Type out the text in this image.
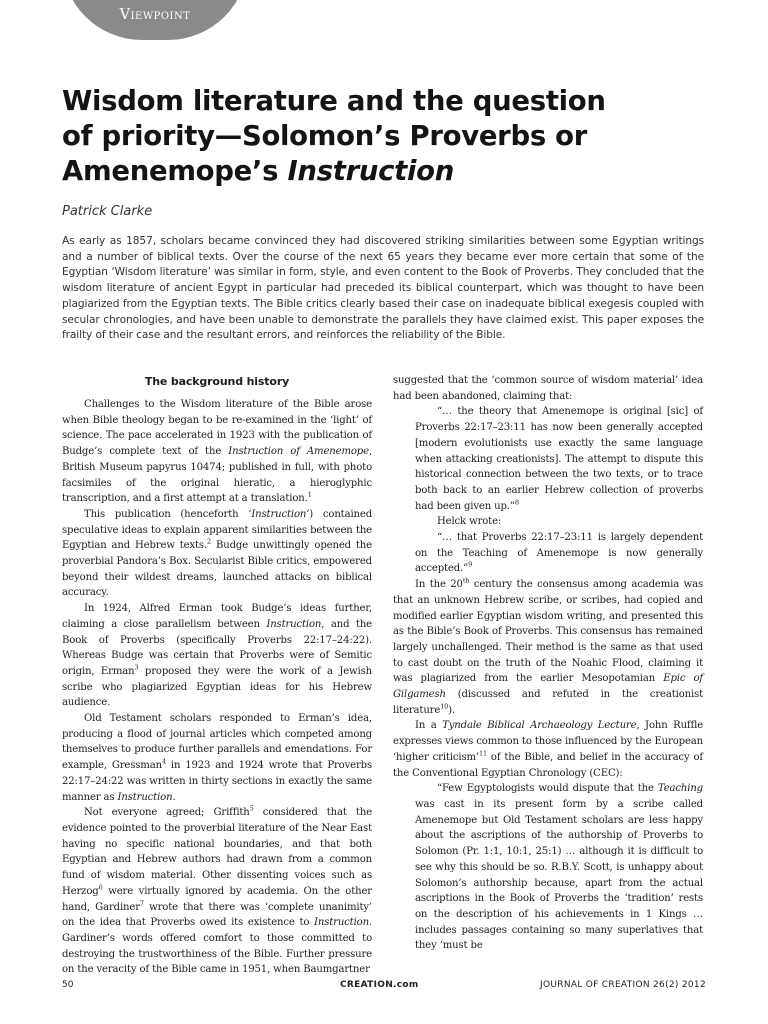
Viewpoint
Wisdom literature and the question
of priority—Solomon’s Proverbs or
Amenemope’s Instruction
Patrick Clarke

As early as 1857, scholars became convinced they had discovered striking similarities between some Egyptian writings and a number of biblical texts. Over the course of the next 65 years they became ever more certain that some of the Egyptian ‘Wisdom literature’ was similar in form, style, and even content to the Book of Proverbs. They concluded that the wisdom literature of ancient Egypt in particular had preceded its biblical counterpart, which was thought to have been plagiarized from the Egyptian texts. The Bible critics clearly based their case on inadequate biblical exegesis coupled with secular chronologies, and have been unable to demonstrate the parallels they have claimed exist. This paper exposes the frailty of their case and the resultant errors, and reinforces the reliability of the Bible.

The background history

Challenges to the Wisdom literature of the Bible arose when Bible theology began to be re-examined in the ‘light’ of science. The pace accelerated in 1923 with the publication of Budge’s complete text of the Instruction of Amenemope, British Museum papyrus 10474; published in full, with photo facsimiles of the original hieratic, a hieroglyphic transcription, and a first attempt at a translation.$^1$

This publication (henceforth ‘Instruction’) contained speculative ideas to explain apparent similarities between the Egyptian and Hebrew texts.$^2$ Budge unwittingly opened the proverbial Pandora’s Box. Secularist Bible critics, empowered beyond their wildest dreams, launched attacks on biblical accuracy.

In 1924, Alfred Erman took Budge’s ideas further, claiming a close parallelism between Instruction, and the Book of Proverbs (specifically Proverbs 22:17–24:22). Whereas Budge was certain that Proverbs were of Semitic origin, Erman$^3$ proposed they were the work of a Jewish scribe who plagiarized Egyptian ideas for his Hebrew audience.

Old Testament scholars responded to Erman’s idea, producing a flood of journal articles which competed among themselves to produce further parallels and emendations. For example, Gressman$^4$ in 1923 and 1924 wrote that Proverbs 22:17–24:22 was written in thirty sections in exactly the same manner as Instruction.

Not everyone agreed; Griffith$^5$ considered that the evidence pointed to the proverbial literature of the Near East having no specific national boundaries, and that both Egyptian and Hebrew authors had drawn from a common fund of wisdom material. Other dissenting voices such as Herzog$^6$ were virtually ignored by academia. On the other hand, Gardiner$^7$ wrote that there was ‘complete unanimity’ on the idea that Proverbs owed its existence to Instruction. Gardiner’s words offered comfort to those committed to destroying the trustworthiness of the Bible. Further pressure on the veracity of the Bible came in 1951, when Baumgartner

suggested that the ‘common source of wisdom material’ idea had been abandoned, claiming that:

“… the theory that Amenemope is original [sic] of Proverbs 22:17–23:11 has now been generally accepted [modern evolutionists use exactly the same language when attacking creationists]. The attempt to dispute this historical connection between the two texts, or to trace both back to an earlier Hebrew collection of proverbs had been given up.”$^8$

Helck wrote:

“… that Proverbs 22:17–23:11 is largely dependent on the Teaching of Amenemope is now generally accepted.”$^9$

In the 20th century the consensus among academia was that an unknown Hebrew scribe, or scribes, had copied and modified earlier Egyptian wisdom writing, and presented this as the Bible’s Book of Proverbs. This consensus has remained largely unchallenged. Their method is the same as that used to cast doubt on the truth of the Noahic Flood, claiming it was plagiarized from the earlier Mesopotamian Epic of Gilgamesh (discussed and refuted in the creationist literature$^{10}$).

In a Tyndale Biblical Archaeology Lecture, John Ruffle expresses views common to those influenced by the European ‘higher criticism’$^{11}$ of the Bible, and belief in the accuracy of the Conventional Egyptian Chronology (CEC):

“Few Egyptologists would dispute that the Teaching was cast in its present form by a scribe called Amenemope but Old Testament scholars are less happy about the ascriptions of the authorship of Proverbs to Solomon (Pr. 1:1, 10:1, 25:1) … although it is difficult to see why this should be so. R.B.Y. Scott, is unhappy about Solomon’s authorship because, apart from the actual ascriptions in the Book of Proverbs the ‘tradition’ rests on the description of his achievements in 1 Kings … includes passages containing so many superlatives that they ‘must be

50	CREATION.com	JOURNAL OF CREATION 26(2) 2012
